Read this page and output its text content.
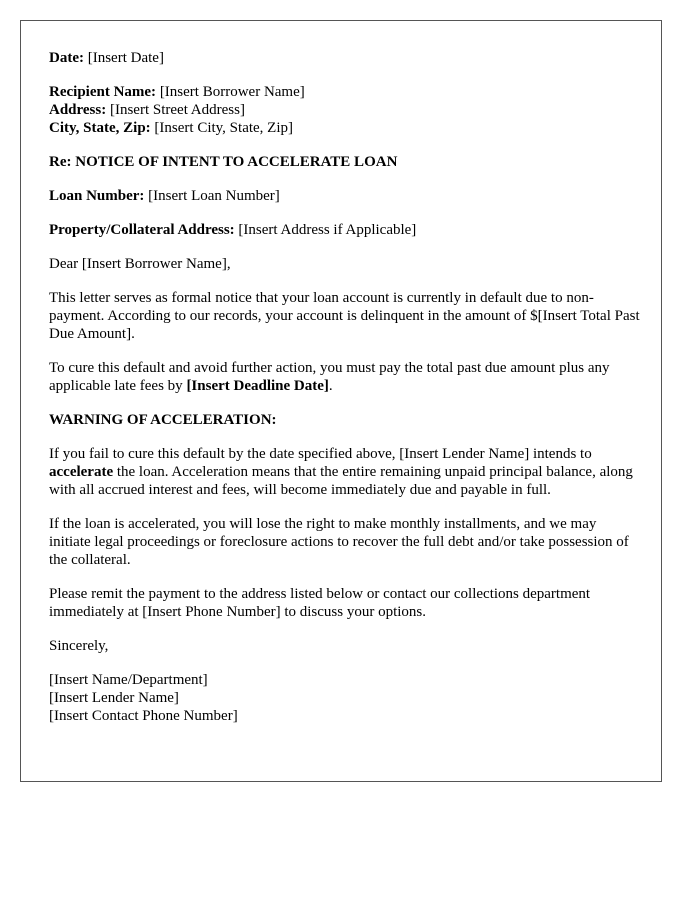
Date: [Insert Date]

Recipient Name: [Insert Borrower Name]

Address: [Insert Street Address]

City, State, Zip: [Insert City, State, Zip]

Re: NOTICE OF INTENT TO ACCELERATE LOAN

Loan Number: [Insert Loan Number]

Property/Collateral Address: [Insert Address if Applicable]

Dear [Insert Borrower Name],

This letter serves as formal notice that your loan account is currently in default due to non-payment. According to our records, your account is delinquent in the amount of $[Insert Total Past Due Amount].

To cure this default and avoid further action, you must pay the total past due amount plus any applicable late fees by [Insert Deadline Date].

WARNING OF ACCELERATION:

If you fail to cure this default by the date specified above, [Insert Lender Name] intends to accelerate the loan. Acceleration means that the entire remaining unpaid principal balance, along with all accrued interest and fees, will become immediately due and payable in full.

If the loan is accelerated, you will lose the right to make monthly installments, and we may initiate legal proceedings or foreclosure actions to recover the full debt and/or take possession of the collateral.

Please remit the payment to the address listed below or contact our collections department immediately at [Insert Phone Number] to discuss your options.

Sincerely,

[Insert Name/Department]

[Insert Lender Name]

[Insert Contact Phone Number]
